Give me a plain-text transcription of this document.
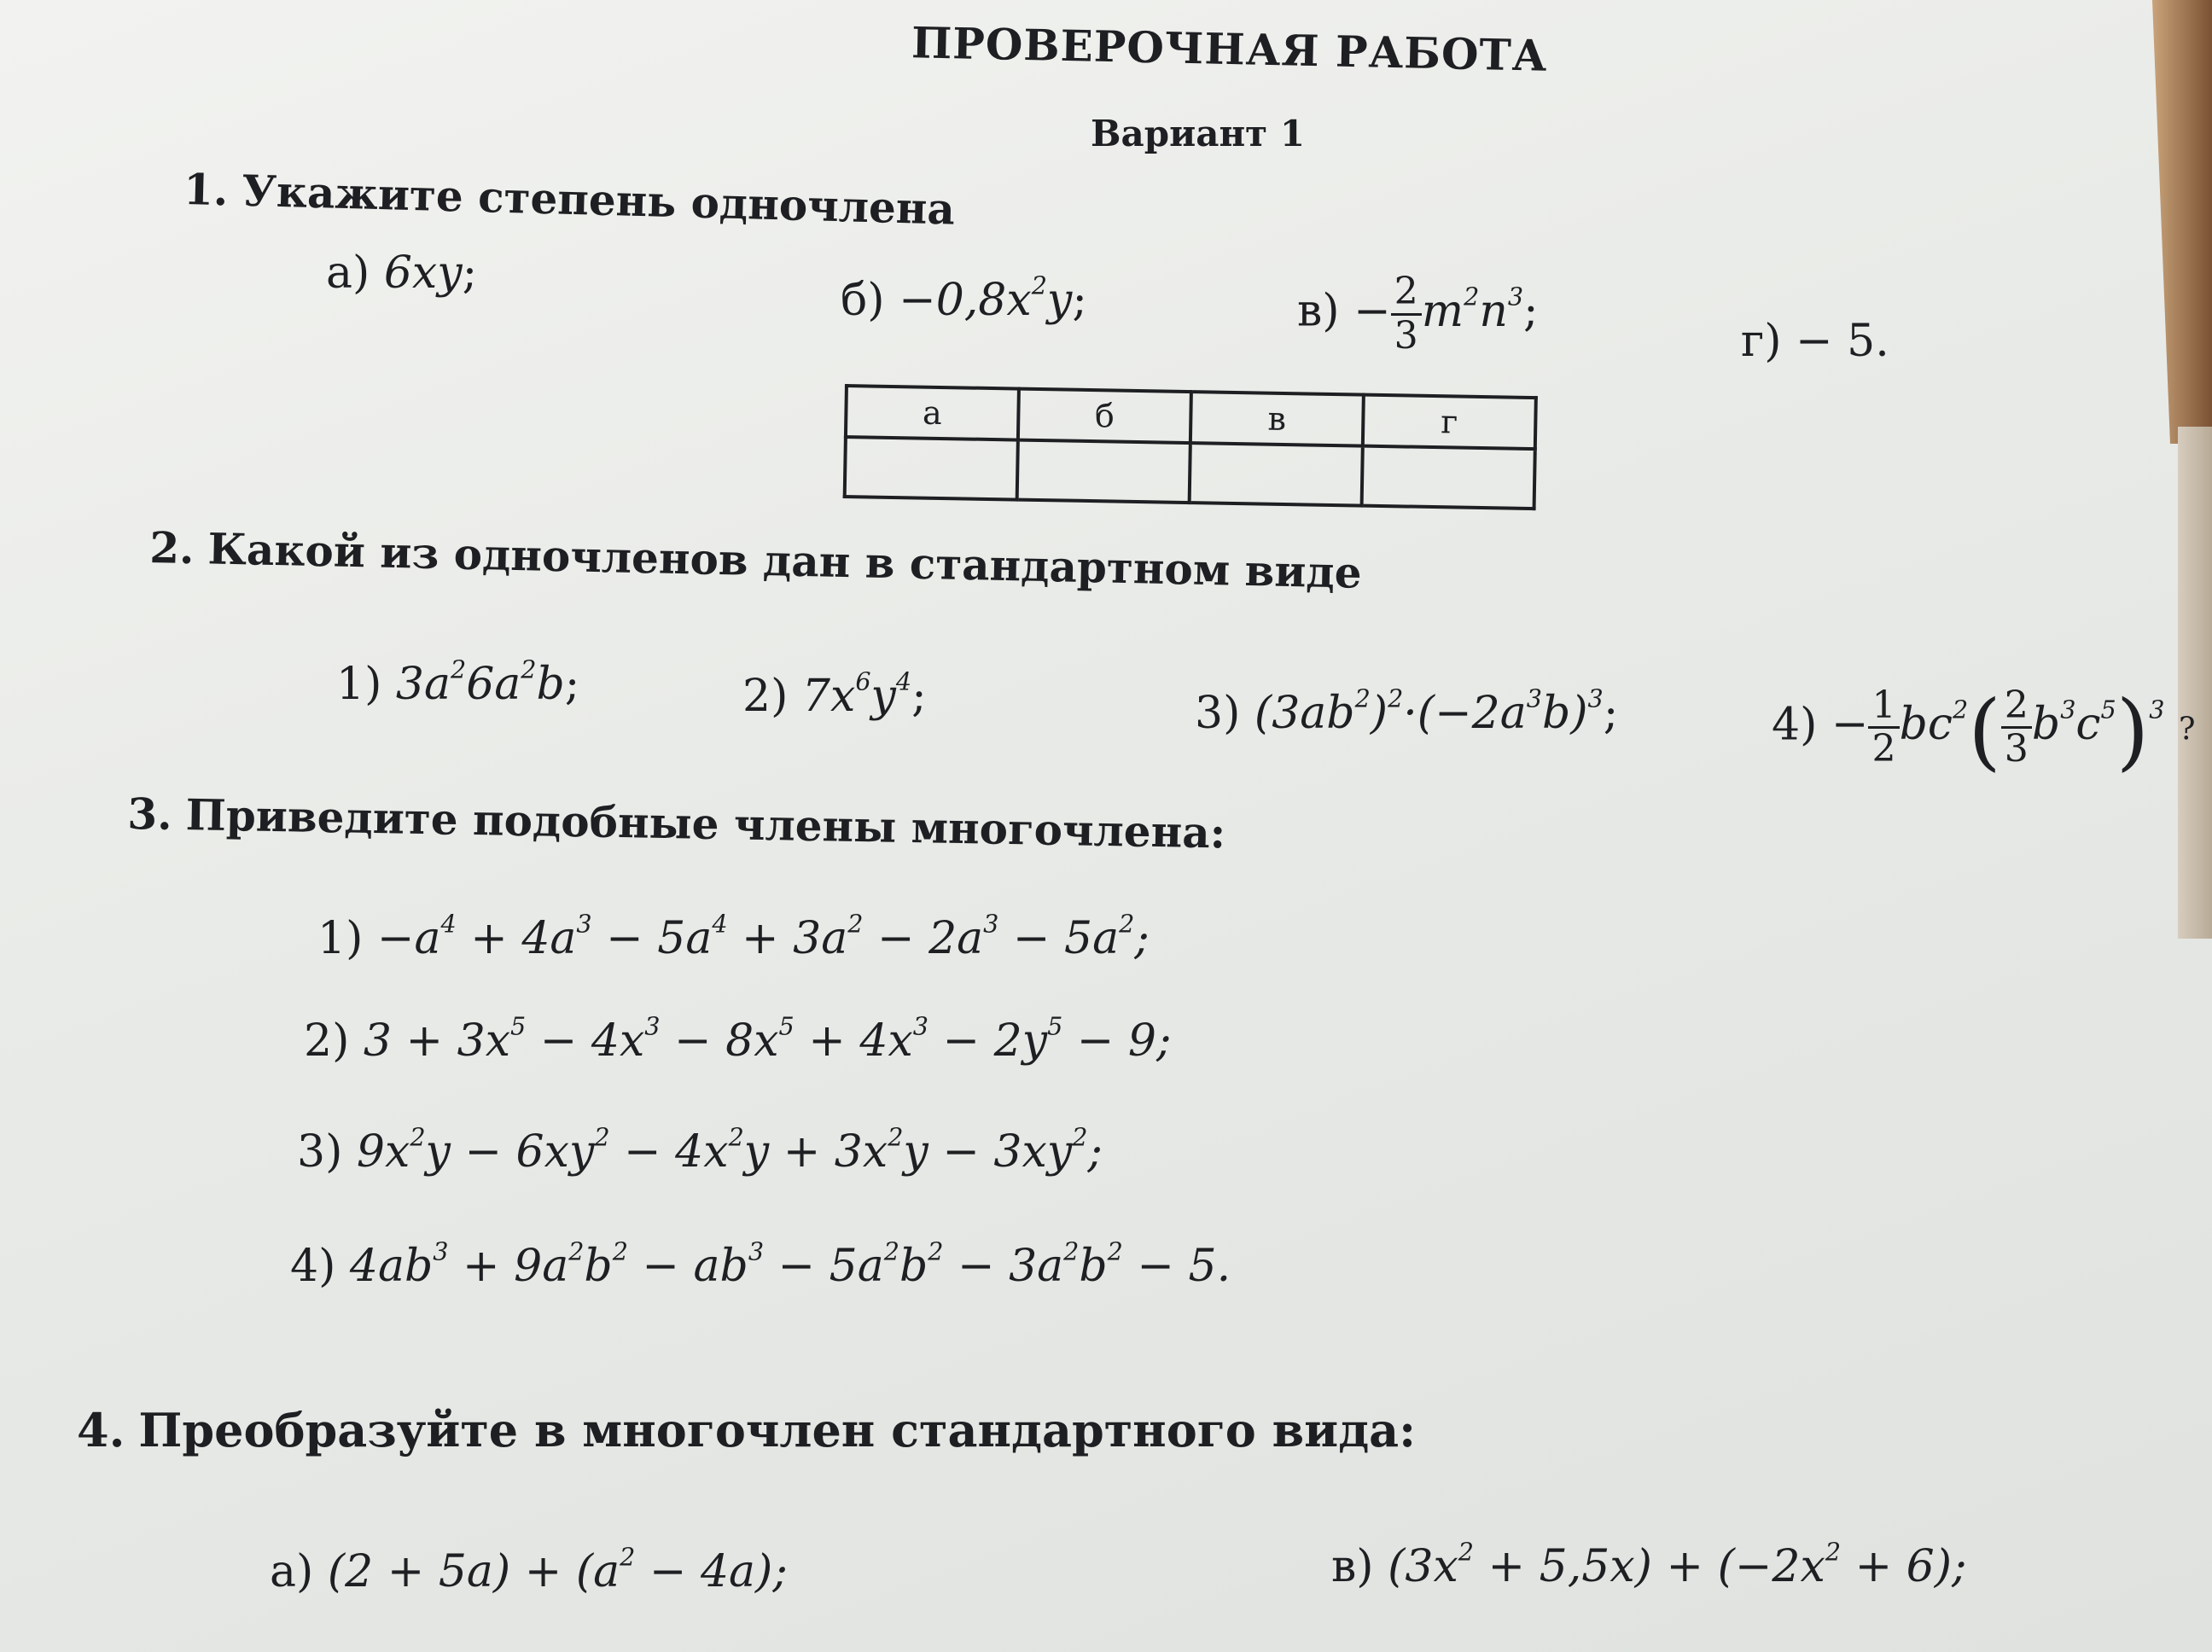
ПРОВЕРОЧНАЯ РАБОТА
Вариант 1
1. Укажите степень одночлена
а) 6xy;
$б) -0,8x^2y$;	$в) - \frac{2}{3} m^2n^3$;
г) − 5.
а	б	в	г

2. Какой из одночленов дан в стандартном виде
1) $3a^26a^2b$;	2) $7x^6y^4$;	3) $(3ab^2)^2\cdot(-2a^3b)^3$;	$4) - \frac{1}{2} bc^2( \frac{2}{3} b^3c^5)^3$ ?
3. Приведите подобные члены многочлена:
$1) -a^4 + 4a^3 - 5a^4 + 3a^2 - 2a^3 - 5a^2$;
2) $3 + 3x^5 - 4x^3 - 8x^5 + 4x^3 - 2y^5 - 9$;
3) $9x^2y - 6xy^2 - 4x^2y + 3x^2y - 3xy^2$;
4) $4ab^3 + 9a^2b^2 - ab^3 - 5a^2b^2 - 3a^2b^2 - 5$.
4. Преобразуйте в многочлен стандартного вида:
а) $(2 + 5a) + (a^2 - 4a)$;	в) $(3x^2 + 5,5x) + (-2x^2 + 6)$;
